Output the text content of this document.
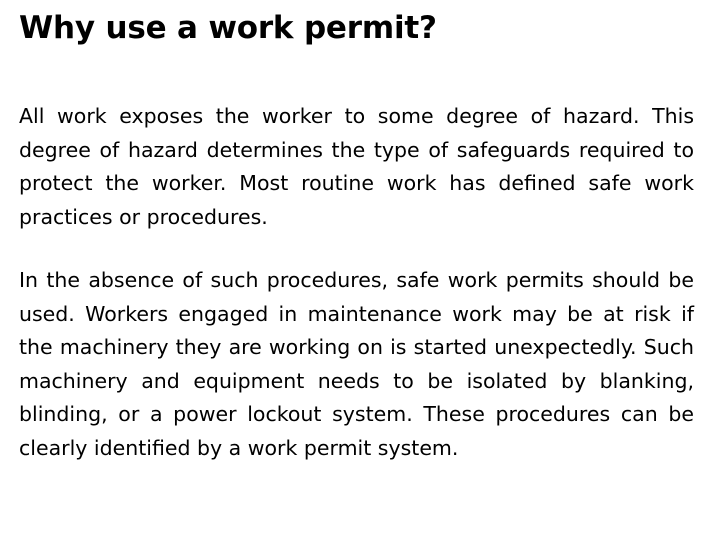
Why use a work permit?

All work exposes the worker to some degree of hazard. This degree of hazard determines the type of safeguards required to protect the worker. Most routine work has defined safe work practices or procedures.

In the absence of such procedures, safe work permits should be used. Workers engaged in maintenance work may be at risk if the machinery they are working on is started unexpectedly. Such machinery and equipment needs to be isolated by blanking, blinding, or a power lockout system. These procedures can be clearly identified by a work permit system.
